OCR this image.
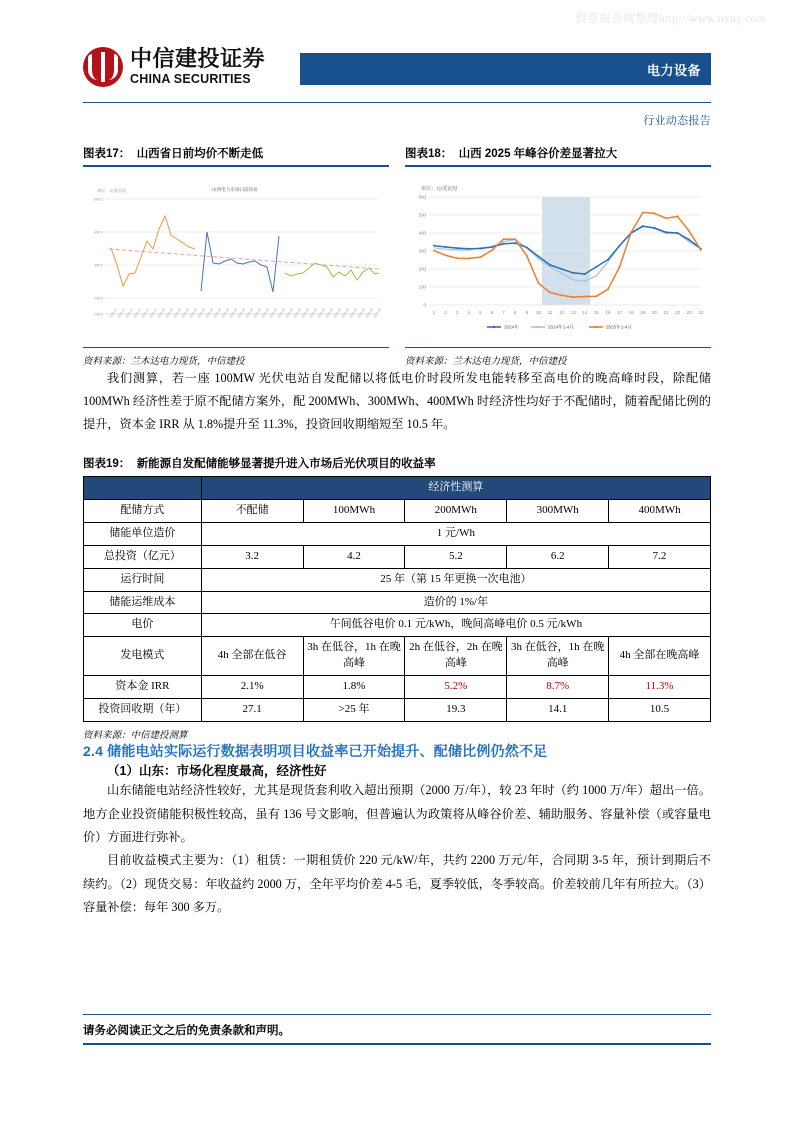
股票报告网整理http://www.nxny.com
中信建投证券
CHINA SECURITIES
电力设备
行业动态报告
图表17： 山西省日前均价不断走低
单位：元/兆瓦时	山西电力市场日前均价
500.0
400.0
300.0
200.0
100.0 2025-01
2025-01
2025-01
2025-01
2025-01
2025-01
2025-02
2025-02
2025-02
2025-02
2025-02
2025-02
2025-03
2025-03
2025-03
2025-03
2025-03
2025-03
2025-04
2025-04
2025-04
2025-04
2025-04
2025-04
2025-05
2025-05
2025-05
2025-05
2025-05
2025-05
2025-06
2025-06
2025-06
2025-06
资料来源：兰木达电力现货，中信建投
图表18： 山西 2025 年峰谷价差显著拉大
单位：元/兆瓦时
600
500
400
300
200
100
0
1 2 3 4 5 6 7 8 9 10 11 12 13 14 15 16 17 18 19 20 21 22 23 24
2024年	2024年1-4月	2025年1-4月
资料来源：兰木达电力现货，中信建投

我们测算，若一座 100MW 光伏电站自发配储以将低电价时段所发电能转移至高电价的晚高峰时段，除配储 100MWh 经济性差于原不配储方案外，配 200MWh、300MWh、400MWh 时经济性均好于不配储时，随着配储比例的提升，资本金 IRR 从 1.8%提升至 11.3%，投资回收期缩短至 10.5 年。

图表19： 新能源自发配储能够显著提升进入市场后光伏项目的收益率
	经济性测算				
配储方式	不配储	100MWh	200MWh	300MWh	400MWh
储能单位造价	1 元/Wh				
总投资（亿元）	3.2	4.2	5.2	6.2	7.2
运行时间	25 年（第 15 年更换一次电池）				
储能运维成本	造价的 1%/年				
电价	午间低谷电价 0.1 元/kWh，晚间高峰电价 0.5 元/kWh				
发电模式	4h 全部在低谷	3h 在低谷，1h 在晚高峰	2h 在低谷，2h 在晚高峰	3h 在低谷，1h 在晚高峰	4h 全部在晚高峰
资本金 IRR	2.1%	1.8%	5.2%	8.7%	11.3%
投资回收期（年）	27.1	>25 年	19.3	14.1	10.5
资料来源：中信建投测算
2.4 储能电站实际运行数据表明项目收益率已开始提升、配储比例仍然不足
（1）山东：市场化程度最高，经济性好

山东储能电站经济性较好，尤其是现货套利收入超出预期（2000 万/年），较 23 年时（约 1000 万/年）超出一倍。地方企业投资储能积极性较高，虽有 136 号文影响，但普遍认为政策将从峰谷价差、辅助服务、容量补偿（或容量电价）方面进行弥补。

目前收益模式主要为：（1）租赁：一期租赁价 220 元/kW/年，共约 2200 万元/年，合同期 3-5 年，预计到期后不续约。（2）现货交易：年收益约 2000 万，全年平均价差 4-5 毛，夏季较低，冬季较高。价差较前几年有所拉大。（3）容量补偿：每年 300 多万。

请务必阅读正文之后的免责条款和声明。
